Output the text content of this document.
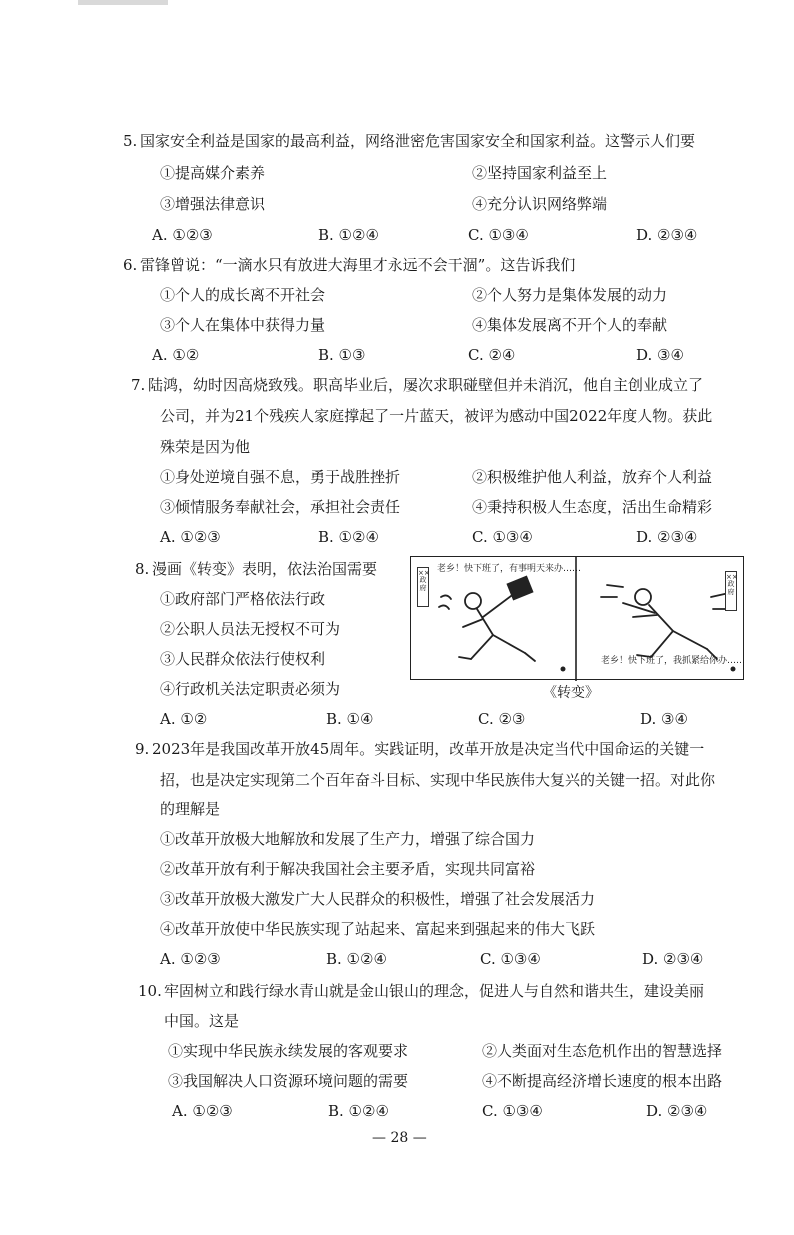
5. 国家安全利益是国家的最高利益，网络泄密危害国家安全和国家利益。这警示人们要
①提高媒介素养	②坚持国家利益至上
③增强法律意识	④充分认识网络弊端
A. ①②③	B. ①②④	C. ①③④	D. ②③④
6. 雷锋曾说：“一滴水只有放进大海里才永远不会干涸”。这告诉我们
①个人的成长离不开社会	②个人努力是集体发展的动力
③个人在集体中获得力量	④集体发展离不开个人的奉献
A. ①②	B. ①③	C. ②④	D. ③④
7. 陆鸿，幼时因高烧致残。职高毕业后，屡次求职碰壁但并未消沉，他自主创业成立了
公司，并为21个残疾人家庭撑起了一片蓝天，被评为感动中国2022年度人物。获此
殊荣是因为他
①身处逆境自强不息，勇于战胜挫折	②积极维护他人利益，放弃个人利益
③倾情服务奉献社会，承担社会责任	④秉持积极人生态度，活出生命精彩
A. ①②③	B. ①②④	C. ①③④	D. ②③④
8. 漫画《转变》表明，依法治国需要
①政府部门严格依法行政
②公职人员法无授权不可为
③人民群众依法行使权利
④行政机关法定职责必须为
A. ①②	B. ①④	C. ②③	D. ③④
老乡！快下班了，有事明天来办……
老乡！快下班了，我抓紧给你办……
××政府
××政府
《转变》
9. 2023年是我国改革开放45周年。实践证明，改革开放是决定当代中国命运的关键一
招，也是决定实现第二个百年奋斗目标、实现中华民族伟大复兴的关键一招。对此你
的理解是
①改革开放极大地解放和发展了生产力，增强了综合国力
②改革开放有利于解决我国社会主要矛盾，实现共同富裕
③改革开放极大激发广大人民群众的积极性，增强了社会发展活力
④改革开放使中华民族实现了站起来、富起来到强起来的伟大飞跃
A. ①②③	B. ①②④	C. ①③④	D. ②③④
10. 牢固树立和践行绿水青山就是金山银山的理念，促进人与自然和谐共生，建设美丽
中国。这是
①实现中华民族永续发展的客观要求	②人类面对生态危机作出的智慧选择
③我国解决人口资源环境问题的需要	④不断提高经济增长速度的根本出路
A. ①②③	B. ①②④	C. ①③④	D. ②③④
— 28 —
